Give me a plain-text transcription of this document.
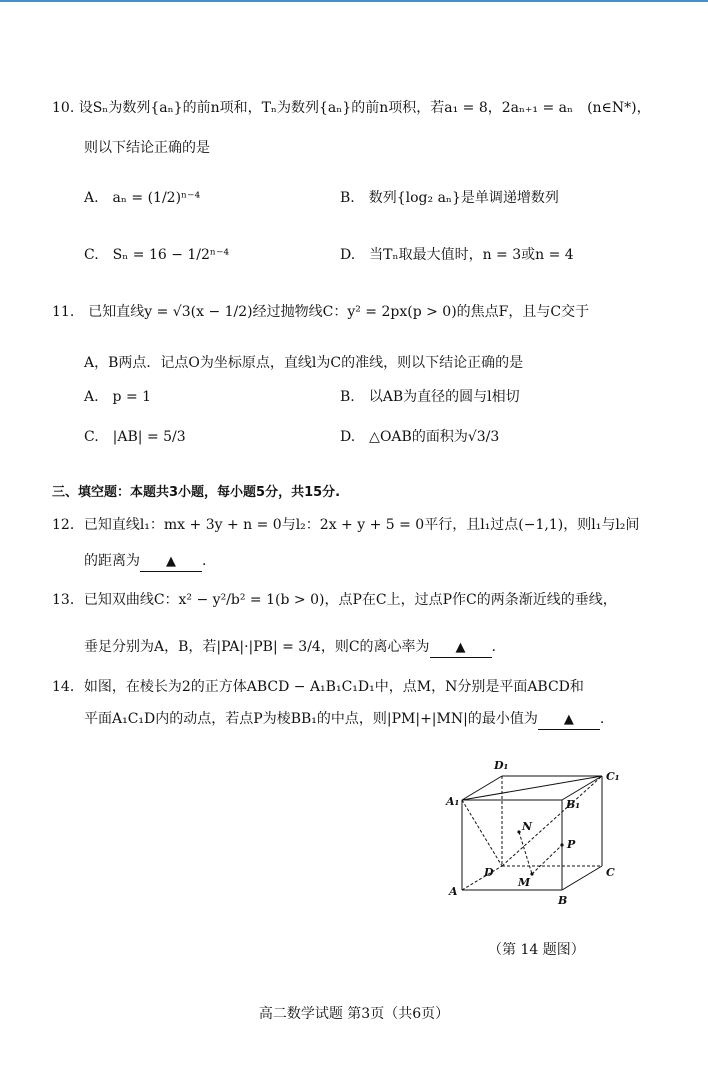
10. 设Sₙ为数列{aₙ}的前n项和，Tₙ为数列{aₙ}的前n项积，若a₁ = 8，2aₙ₊₁ = aₙ　(n∈N*)，
则以下结论正确的是
A.　aₙ = (1/2)ⁿ⁻⁴	B.　数列{log₂ aₙ}是单调递增数列
C.　Sₙ = 16 − 1/2ⁿ⁻⁴	D.　当Tₙ取最大值时，n = 3或n = 4
11.　已知直线y = √3(x − 1/2)经过抛物线C：y² = 2px(p > 0)的焦点F，且与C交于
A，B两点．记点O为坐标原点，直线l为C的准线，则以下结论正确的是
A.　p = 1	B.　以AB为直径的圆与l相切
C.　|AB| = 5/3	D.　△OAB的面积为√3/3
三、填空题：本题共3小题，每小题5分，共15分.
12．已知直线l₁：mx + 3y + n = 0与l₂：2x + y + 5 = 0平行，且l₁过点(−1,1)，则l₁与l₂间
的距离为 ▲ .
13．已知双曲线C：x² − y²/b² = 1(b > 0)，点P在C上，过点P作C的两条渐近线的垂线，
垂足分别为A，B，若|PA|·|PB| = 3/4，则C的离心率为 ▲ .
14．如图，在棱长为2的正方体ABCD − A₁B₁C₁D₁中，点M，N分别是平面ABCD和
平面A₁C₁D内的动点，若点P为棱BB₁的中点，则|PM|+|MN|的最小值为 ▲ .
A
B
C
D
A₁	B₁
C₁
D₁
N
M
P
（第 14 题图）
高二数学试题 第3页（共6页）
